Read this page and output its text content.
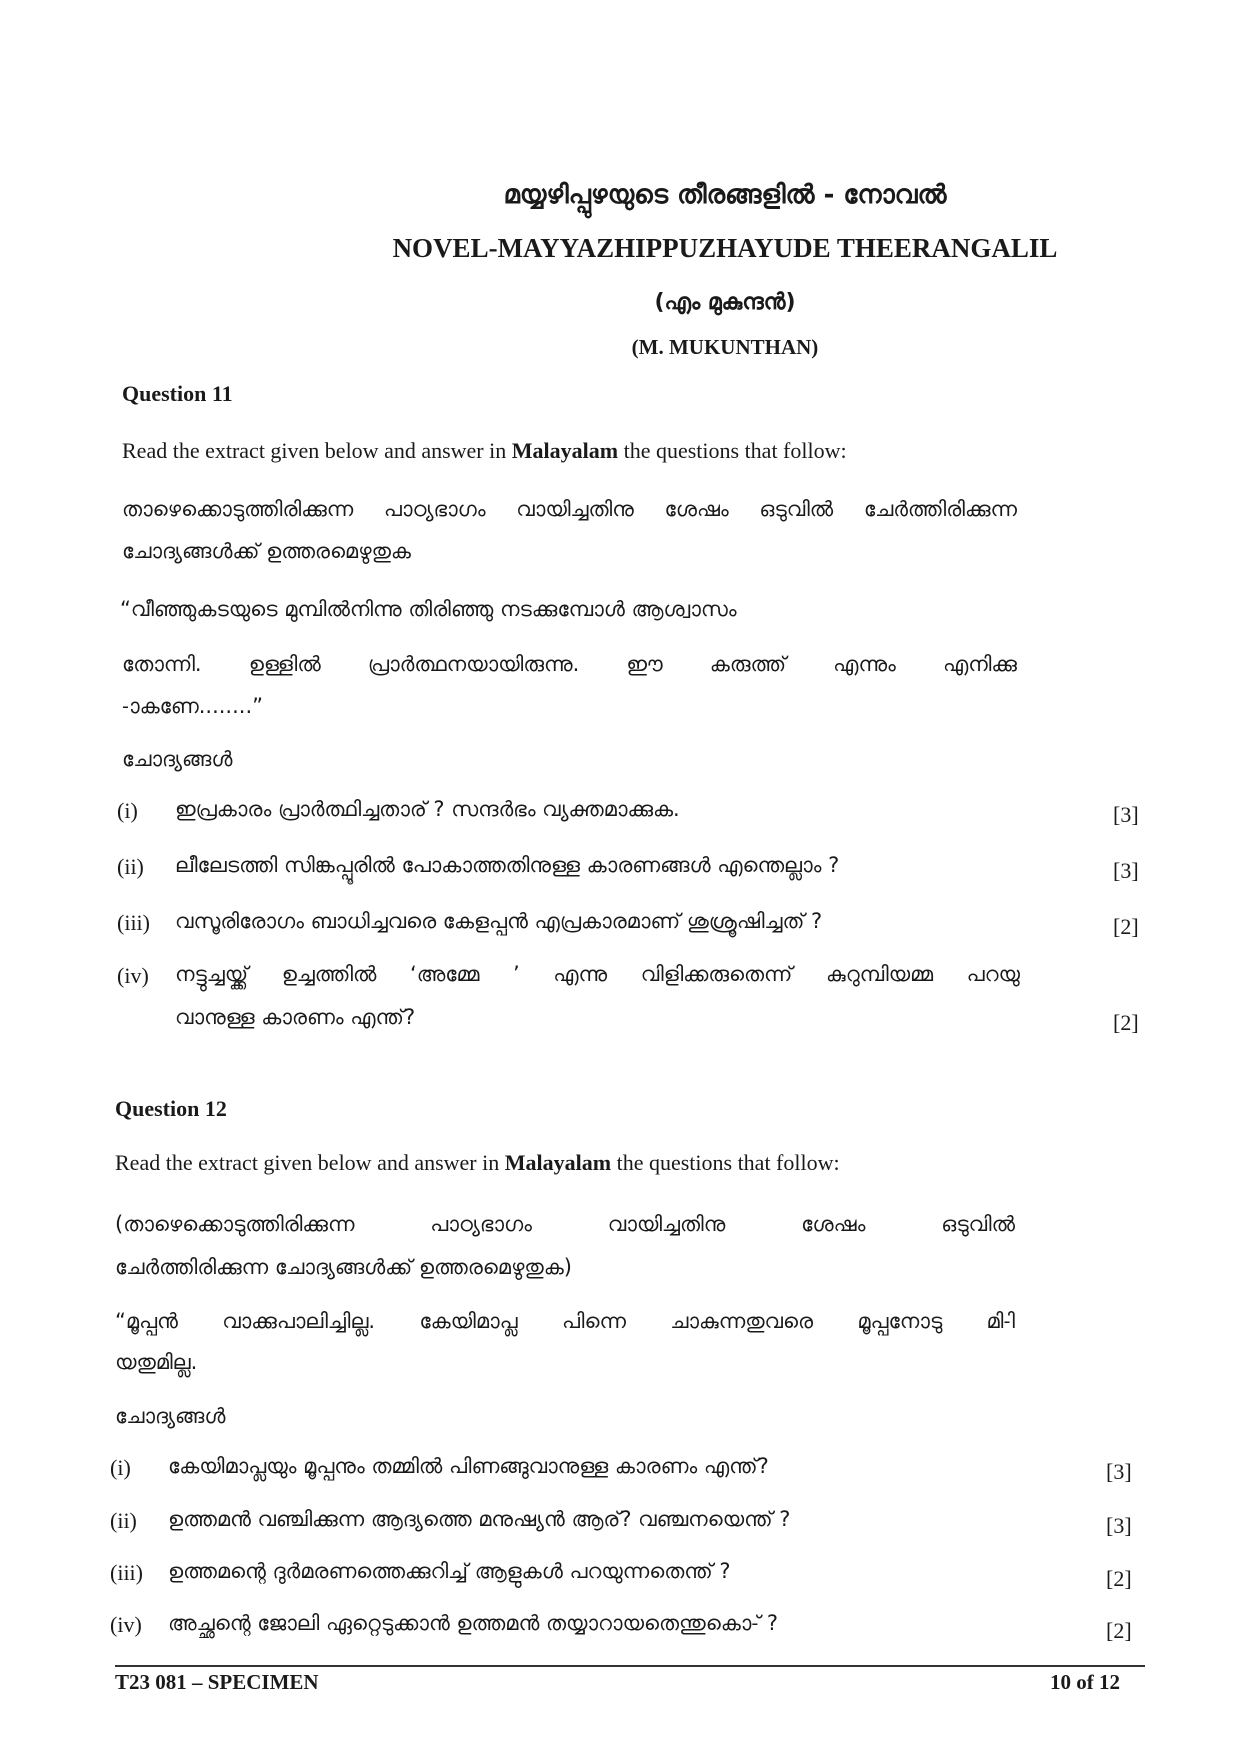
മയ്യഴിപ്പുഴയുടെ തീരങ്ങളിൽ - നോവൽ
NOVEL-MAYYAZHIPPUZHAYUDE THEERANGALIL
(എം മുകുന്ദൻ)
(M. MUKUNTHAN)
Question 11
Read the extract given below and answer in Malayalam the questions that follow:
താഴെക്കൊടുത്തിരിക്കുന്ന പാഠ്യഭാഗം വായിച്ചതിനു ശേഷം ഒടുവിൽ ചേർത്തിരിക്കുന്ന
ചോദ്യങ്ങൾക്ക് ഉത്തരമെഴുതുക
“വീഞ്ഞുകടയുടെ മുമ്പിൽനിന്നു തിരിഞ്ഞു നടക്കുമ്പോൾ ആശ്വാസം
തോന്നി. ഉള്ളിൽ പ്രാർത്ഥനയായിരുന്നു. ഈ കരുത്ത് എന്നും എനിക്കു
-ാകണേ........”
ചോദ്യങ്ങൾ
(i) ഇപ്രകാരം പ്രാർത്ഥിച്ചതാര് ? സന്ദർഭം വ്യക്തമാക്കുക.	[3]
(ii) ലീലേടത്തി സിങ്കപ്പൂരിൽ പോകാത്തതിനുള്ള കാരണങ്ങൾ എന്തെല്ലാം ?	[3]
(iii) വസൂരിരോഗം ബാധിച്ചവരെ കേളപ്പൻ എപ്രകാരമാണ് ശുശ്രൂഷിച്ചത് ?	[2]
(iv) നട്ടുച്ചയ്ക്ക് ഉച്ചത്തിൽ ‘അമ്മേ ’ എന്നു വിളിക്കരുതെന്ന് കുറുമ്പിയമ്മ പറയു
വാനുള്ള കാരണം എന്ത്?	[2]
Question 12
Read the extract given below and answer in Malayalam the questions that follow:
(താഴെക്കൊടുത്തിരിക്കുന്ന പാഠ്യഭാഗം വായിച്ചതിനു ശേഷം ഒടുവിൽ
ചേർത്തിരിക്കുന്ന ചോദ്യങ്ങൾക്ക് ഉത്തരമെഴുതുക)
“മൂപ്പൻ വാക്കുപാലിച്ചില്ല. കേയിമാപ്ല പിന്നെ ചാകുന്നതുവരെ മൂപ്പനോടു മി-ി
യതുമില്ല.
ചോദ്യങ്ങൾ
(i) കേയിമാപ്ലയും മൂപ്പനും തമ്മിൽ പിണങ്ങുവാനുള്ള കാരണം എന്ത്?	[3]
(ii) ഉത്തമൻ വഞ്ചിക്കുന്ന ആദ്യത്തെ മനുഷ്യൻ ആര്? വഞ്ചനയെന്ത് ?	[3]
(iii) ഉത്തമന്റെ ദുർമരണത്തെക്കുറിച്ച് ആളുകൾ പറയുന്നതെന്ത് ?	[2]
(iv) അച്ഛന്റെ ജോലി ഏറ്റെടുക്കാൻ ഉത്തമൻ തയ്യാറായതെന്തുകൊ-് ?	[2]
T23 081 – SPECIMEN	10 of 12
